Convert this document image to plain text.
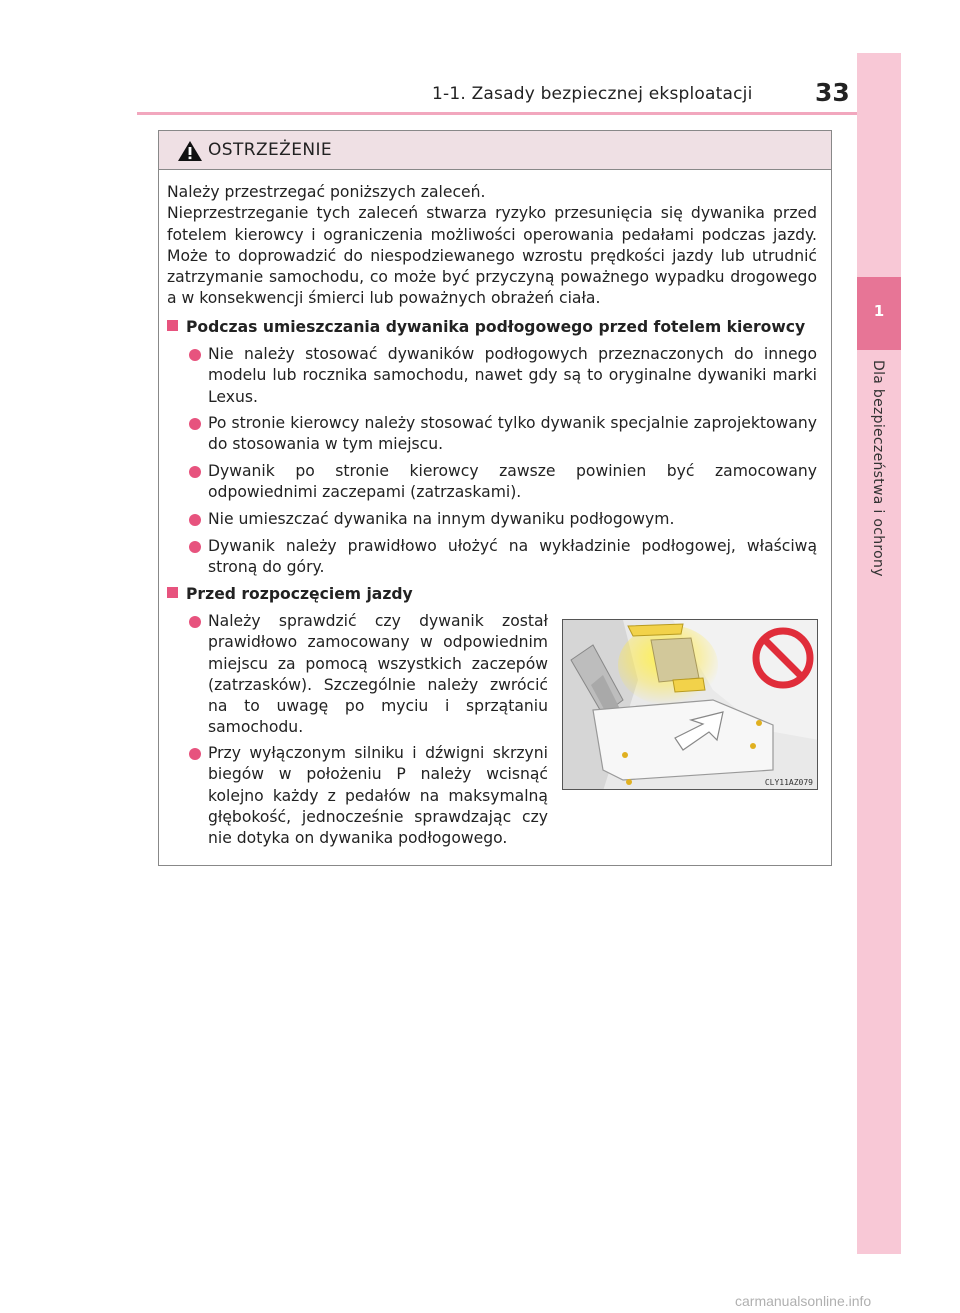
1-1. Zasady bezpiecznej eksploatacji 33
1
Dla bezpieczeństwa i ochrony
OSTRZEŻENIE
Należy przestrzegać poniższych zaleceń.
Nieprzestrzeganie tych zaleceń stwarza ryzyko przesunięcia się dywanika przed fotelem kierowcy i ograniczenia możliwości operowania pedałami podczas jazdy. Może to doprowadzić do niespodziewanego wzrostu prędkości jazdy lub utrudnić zatrzymanie samochodu, co może być przyczyną poważnego wypadku drogowego a w konsekwencji śmierci lub poważnych obrażeń ciała.
Podczas umieszczania dywanika podłogowego przed fotelem kierowcy
Nie należy stosować dywaników podłogowych przeznaczonych do innego modelu lub rocznika samochodu, nawet gdy są to oryginalne dywaniki marki Lexus.
Po stronie kierowcy należy stosować tylko dywanik specjalnie zaprojektowany do stosowania w tym miejscu.
Dywanik po stronie kierowcy zawsze powinien być zamocowany odpowiednimi zaczepami (zatrzaskami).
Nie umieszczać dywanika na innym dywaniku podłogowym.
Dywanik należy prawidłowo ułożyć na wykładzinie podłogowej, właściwą stroną do góry.
Przed rozpoczęciem jazdy
Należy sprawdzić czy dywanik został prawidłowo zamocowany w odpowiednim miejscu za pomocą wszystkich zaczepów (zatrzasków). Szczególnie należy zwrócić na to uwagę po myciu i sprzątaniu samochodu.
Przy wyłączonym silniku i dźwigni skrzyni biegów w położeniu P należy wcisnąć kolejno każdy z pedałów na maksymalną głębokość, jednocześnie sprawdzając czy nie dotyka on dywanika podłogowego.
CLY11AZ079
carmanualsonline.info
